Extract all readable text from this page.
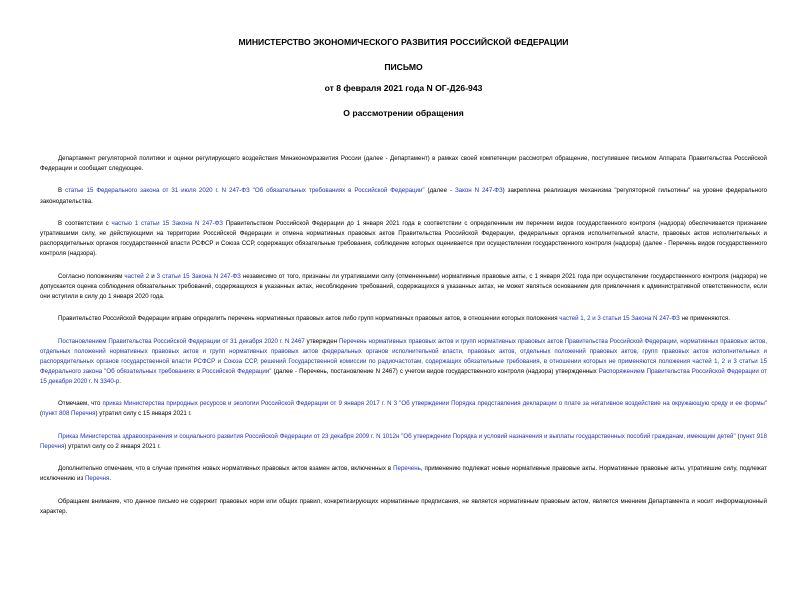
МИНИСТЕРСТВО ЭКОНОМИЧЕСКОГО РАЗВИТИЯ РОССИЙСКОЙ ФЕДЕРАЦИИ
ПИСЬМО
от 8 февраля 2021 года N ОГ-Д26-943
О рассмотрении обращения

Департамент регуляторной политики и оценки регулирующего воздействия Минэкономразвития России (далее - Департамент) в рамках своей компетенции рассмотрел обращение, поступившее письмом Аппарата Правительства Российской Федерации и сообщает следующее.

В статье 15 Федерального закона от 31 июля 2020 г. N 247-ФЗ "Об обязательных требованиях в Российской Федерации" (далее - Закон N 247-ФЗ) закреплена реализация механизма "регуляторной гильотины" на уровне федерального законодательства.

В соответствии с частью 1 статьи 15 Закона N 247-ФЗ Правительством Российской Федерации до 1 января 2021 года в соответствии с определенным им перечнем видов государственного контроля (надзора) обеспечивается признание утратившими силу, не действующими на территории Российской Федерации и отмена нормативных правовых актов Правительства Российской Федерации, федеральных органов исполнительной власти, правовых актов исполнительных и распорядительных органов государственной власти РСФСР и Союза ССР, содержащих обязательные требования, соблюдение которых оценивается при осуществлении государственного контроля (надзора) (далее - Перечень видов государственного контроля (надзора).

Согласно положениям частей 2 и 3 статьи 15 Закона N 247-ФЗ независимо от того, признаны ли утратившими силу (отмененными) нормативные правовые акты, с 1 января 2021 года при осуществлении государственного контроля (надзора) не допускается оценка соблюдения обязательных требований, содержащихся в указанных актах, несоблюдение требований, содержащихся в указанных актах, не может являться основанием для привлечения к административной ответственности, если они вступили в силу до 1 января 2020 года.

Правительство Российской Федерации вправе определить перечень нормативных правовых актов либо групп нормативных правовых актов, в отношении которых положения частей 1, 2 и 3 статьи 15 Закона N 247-ФЗ не применяются.

Постановлением Правительства Российской Федерации от 31 декабря 2020 г. N 2467 утвержден Перечень нормативных правовых актов и групп нормативных правовых актов Правительства Российской Федерации, нормативных правовых актов, отдельных положений нормативных правовых актов и групп нормативных правовых актов федеральных органов исполнительной власти, правовых актов, отдельных положений правовых актов, групп правовых актов исполнительных и распорядительных органов государственной власти РСФСР и Союза ССР, решений Государственной комиссии по радиочастотам, содержащих обязательные требования, в отношении которых не применяются положения частей 1, 2 и 3 статьи 15 Федерального закона "Об обязательных требованиях в Российской Федерации" (далее - Перечень, постановление N 2467) с учетом видов государственного контроля (надзора) утвержденных Распоряжением Правительства Российской Федерации от 15 декабря 2020 г. N 3340-р.

Отмечаем, что приказ Министерства природных ресурсов и экологии Российской Федерации от 9 января 2017 г. N 3 "Об утверждении Порядка представления декларации о плате за негативное воздействие на окружающую среду и ее формы" (пункт 808 Перечня) утратил силу с 15 января 2021 г.

Приказ Министерства здравоохранения и социального развития Российской Федерации от 23 декабря 2009 г. N 1012н "Об утверждении Порядка и условий назначения и выплаты государственных пособий гражданам, имеющим детей" (пункт 918 Перечня) утратил силу со 2 января 2021 г.

Дополнительно отмечаем, что в случае принятия новых нормативных правовых актов взамен актов, включенных в Перечень, применению подлежат новые нормативные правовые акты. Нормативные правовые акты, утратившие силу, подлежат исключению из Перечня.

Обращаем внимание, что данное письмо не содержит правовых норм или общих правил, конкретизирующих нормативные предписания, не является нормативным правовым актом, является мнением Департамента и носит информационный характер.
